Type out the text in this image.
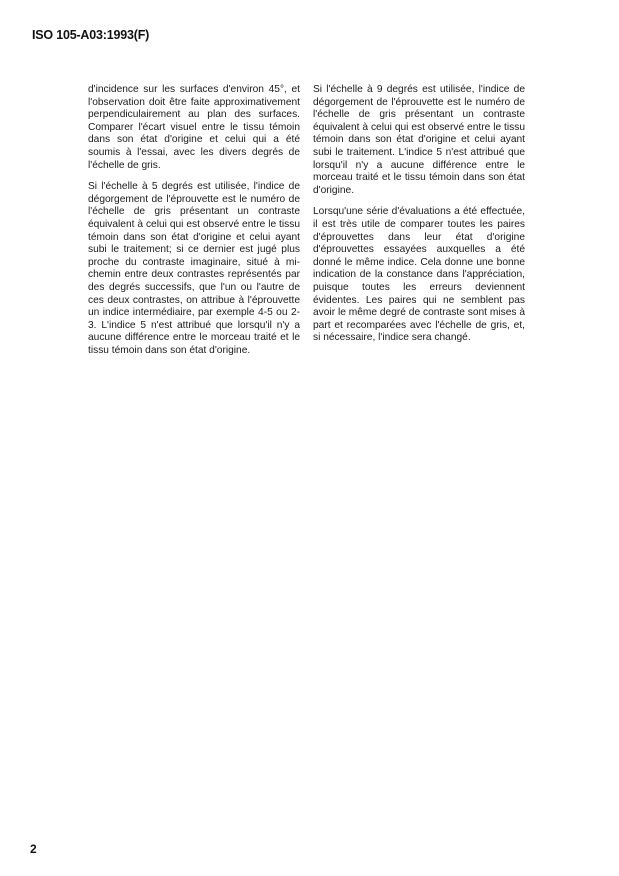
ISO 105-A03:1993(F)

d'incidence sur les surfaces d'environ 45°, et l'observation doit être faite approximativement perpendiculairement au plan des surfaces. Comparer l'écart visuel entre le tissu témoin dans son état d'origine et celui qui a été soumis à l'essai, avec les divers degrés de l'échelle de gris.

Si l'échelle à 5 degrés est utilisée, l'indice de dégorgement de l'éprouvette est le numéro de l'échelle de gris présentant un contraste équivalent à celui qui est observé entre le tissu témoin dans son état d'origine et celui ayant subi le traitement; si ce dernier est jugé plus proche du contraste imaginaire, situé à mi-chemin entre deux contrastes représentés par des degrés successifs, que l'un ou l'autre de ces deux contrastes, on attribue à l'éprouvette un indice intermédiaire, par exemple 4-5 ou 2-3. L'indice 5 n'est attribué que lorsqu'il n'y a aucune différence entre le morceau traité et le tissu témoin dans son état d'origine.

Si l'échelle à 9 degrés est utilisée, l'indice de dégorgement de l'éprouvette est le numéro de l'échelle de gris présentant un contraste équivalent à celui qui est observé entre le tissu témoin dans son état d'origine et celui ayant subi le traitement. L'indice 5 n'est attribué que lorsqu'il n'y a aucune différence entre le morceau traité et le tissu témoin dans son état d'origine.

Lorsqu'une série d'évaluations a été effectuée, il est très utile de comparer toutes les paires d'éprouvettes dans leur état d'origine d'éprouvettes essayées auxquelles a été donné le même indice. Cela donne une bonne indication de la constance dans l'appréciation, puisque toutes les erreurs deviennent évidentes. Les paires qui ne semblent pas avoir le même degré de contraste sont mises à part et recomparées avec l'échelle de gris, et, si nécessaire, l'indice sera changé.

2
